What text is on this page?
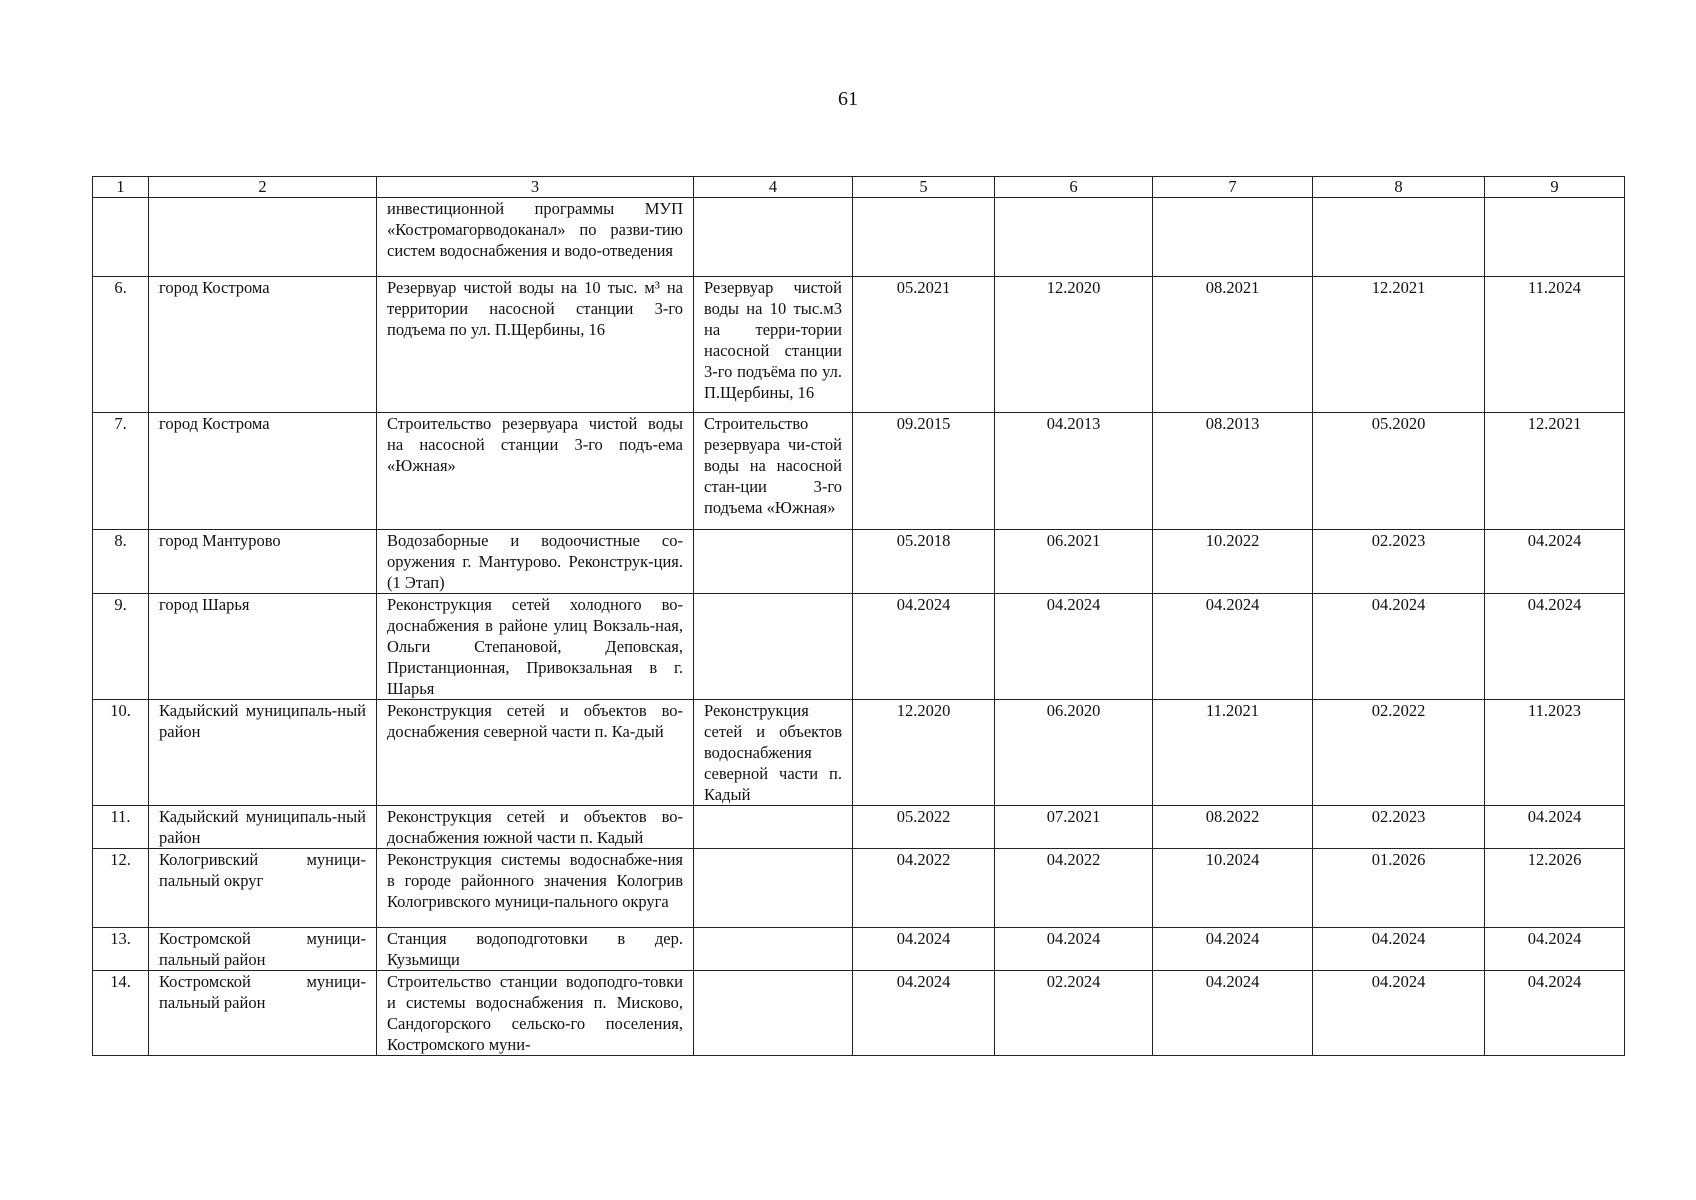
61
1	2	3	4	5	6	7	8	9
		инвестиционной программы МУП «Костромагорводоканал» по разви-тию систем водоснабжения и водо-отведения						
6.	город Кострома	Резервуар чистой воды на 10 тыс. м³ на территории насосной станции 3-го подъема по ул. П.Щербины, 16	Резервуар чистой воды на 10 тыс.м3 на терри-тории насосной станции 3-го подъёма по ул. П.Щербины, 16	05.2021	12.2020	08.2021	12.2021	11.2024
7.	город Кострома	Строительство резервуара чистой воды на насосной станции 3-го подъ-ема «Южная»	Строительство резервуара чи-стой воды на насосной стан-ции 3-го подъема «Южная»	09.2015	04.2013	08.2013	05.2020	12.2021
8.	город Мантурово	Водозаборные и водоочистные со-оружения г. Мантурово. Реконструк-ция. (1 Этап)		05.2018	06.2021	10.2022	02.2023	04.2024
9.	город Шарья	Реконструкция сетей холодного во-доснабжения в районе улиц Вокзаль-ная, Ольги Степановой, Деповская, Пристанционная, Привокзальная в г. Шарья		04.2024	04.2024	04.2024	04.2024	04.2024
10.	Кадыйский муниципаль-ный район	Реконструкция сетей и объектов во-доснабжения северной части п. Ка-дый	Реконструкция сетей и объектов водоснабжения северной части п. Кадый	12.2020	06.2020	11.2021	02.2022	11.2023
11.	Кадыйский муниципаль-ный район	Реконструкция сетей и объектов во-доснабжения южной части п. Кадый		05.2022	07.2021	08.2022	02.2023	04.2024
12.	Кологривский муници-пальный округ	Реконструкция системы водоснабже-ния в городе районного значения Кологрив Кологривского муници-пального округа		04.2022	04.2022	10.2024	01.2026	12.2026
13.	Костромской муници-пальный район	Станция водоподготовки в дер. Кузьмищи		04.2024	04.2024	04.2024	04.2024	04.2024
14.	Костромской муници-пальный район	Строительство станции водоподго-товки и системы водоснабжения п. Мисково, Сандогорского сельско-го поселения, Костромского муни-		04.2024	02.2024	04.2024	04.2024	04.2024
